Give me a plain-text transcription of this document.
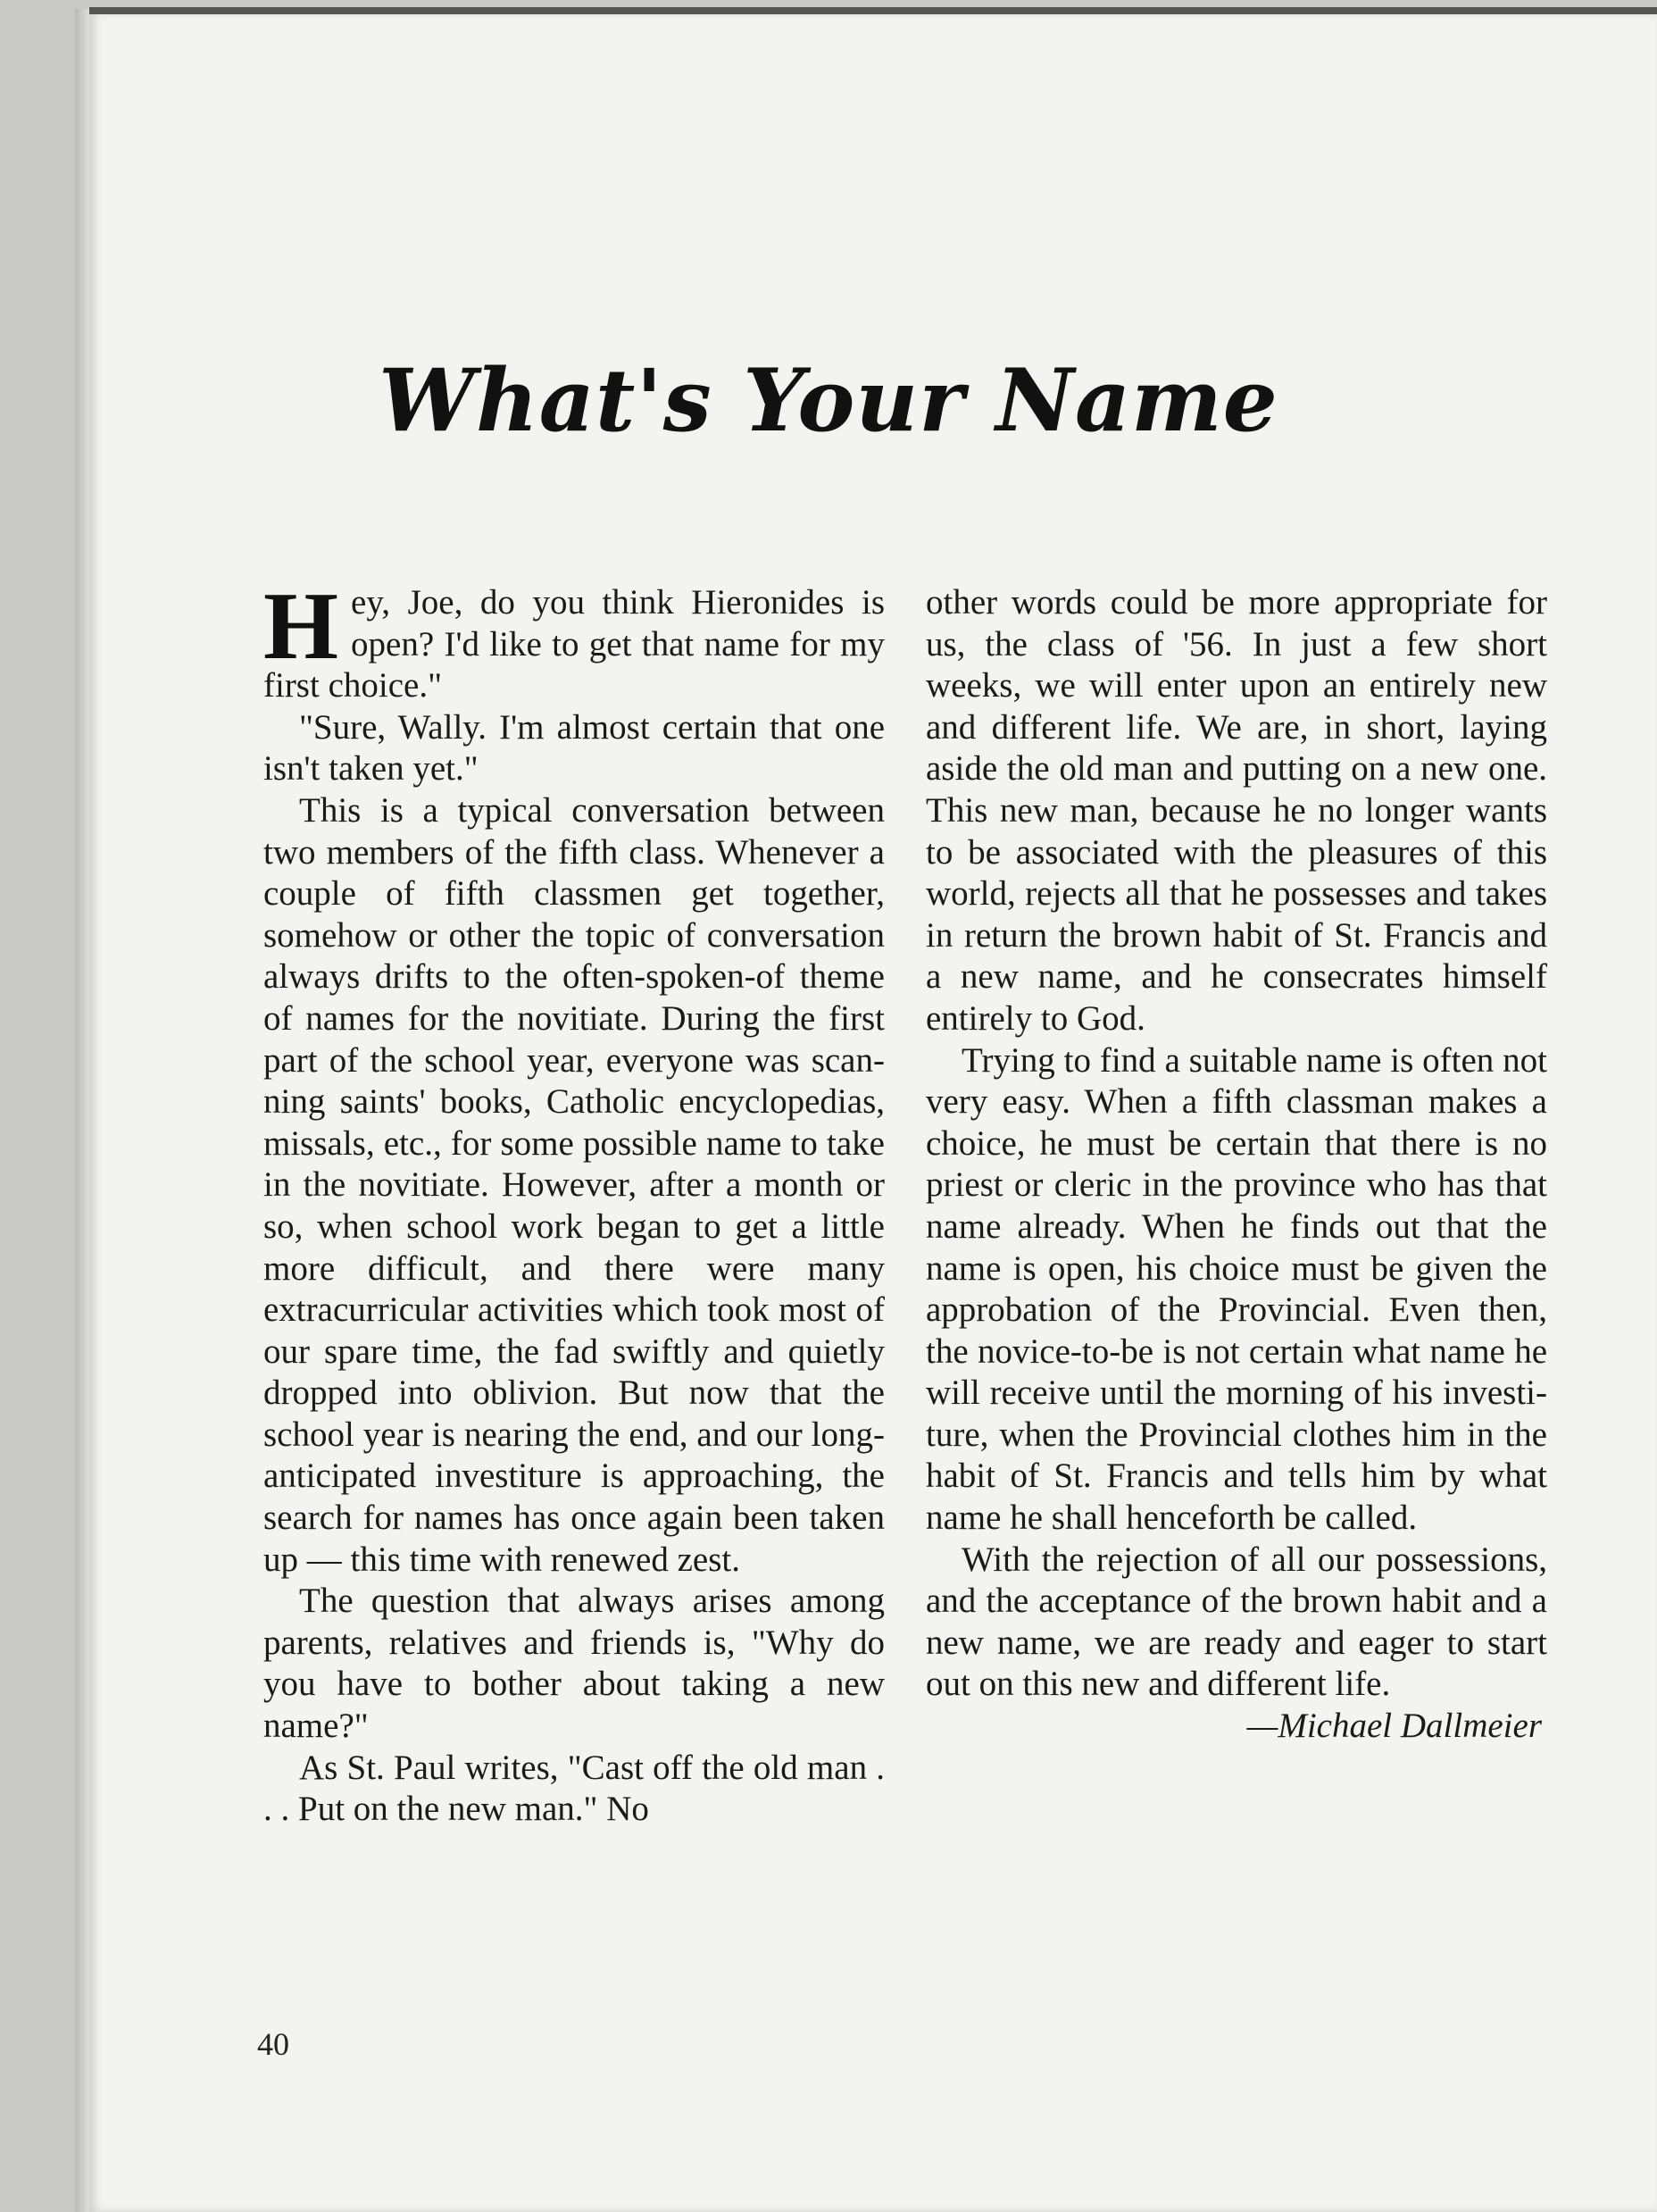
What's Your Name

Hey, Joe, do you think Hieronides is open? I'd like to get that name for my first choice."

"Sure, Wally. I'm almost certain that one isn't taken yet."

This is a typical conversation between two members of the fifth class. Whenever a couple of fifth classmen get together, somehow or other the topic of conversation always drifts to the often-spoken-of theme of names for the novitiate. During the first part of the school year, everyone was scanning saints' books, Catholic encyclopedias, missals, etc., for some possible name to take in the novitiate. However, after a month or so, when school work began to get a little more difficult, and there were many extracurricular activities which took most of our spare time, the fad swiftly and quietly dropped into oblivion. But now that the school year is nearing the end, and our long-anticipated investiture is approaching, the search for names has once again been taken up — this time with renewed zest.

The question that always arises among parents, relatives and friends is, "Why do you have to bother about taking a new name?"

As St. Paul writes, "Cast off the old man . . . Put on the new man." No

other words could be more appropriate for us, the class of '56. In just a few short weeks, we will enter upon an entirely new and different life. We are, in short, laying aside the old man and putting on a new one. This new man, because he no longer wants to be associated with the pleasures of this world, rejects all that he possesses and takes in return the brown habit of St. Francis and a new name, and he consecrates himself entirely to God.

Trying to find a suitable name is often not very easy. When a fifth classman makes a choice, he must be certain that there is no priest or cleric in the province who has that name already. When he finds out that the name is open, his choice must be given the approbation of the Provincial. Even then, the novice-to-be is not certain what name he will receive until the morning of his investiture, when the Provincial clothes him in the habit of St. Francis and tells him by what name he shall henceforth be called.

With the rejection of all our possessions, and the acceptance of the brown habit and a new name, we are ready and eager to start out on this new and different life.

—Michael Dallmeier

40
